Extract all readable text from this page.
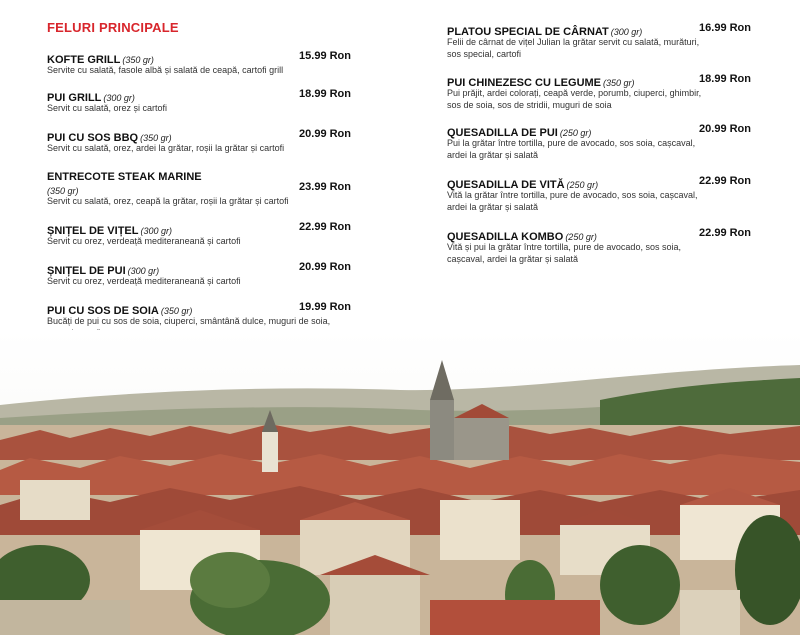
FELURI PRINCIPALE
KOFTE GRILL (350 gr)	15.99 Ron
Servite cu salată, fasole albă și salată de ceapă, cartofi grill
PUI GRILL (300 gr)	18.99 Ron
Servit cu salată, orez și cartofi
PUI CU SOS BBQ (350 gr)	20.99 Ron
Servit cu salată, orez, ardei la grătar, roșii la grătar și cartofi
ENTRECOTE STEAK MARINE
(350 gr)	23.99 Ron
Servit cu salată, orez, ceapă la grătar, roșii la grătar și cartofi
ȘNIȚEL DE VIȚEL (300 gr)	22.99 Ron
Servit cu orez, verdeață mediteraneană și cartofi
ȘNIȚEL DE PUI (300 gr)	20.99 Ron
Servit cu orez, verdeață mediteraneană și cartofi
PUI CU SOS DE SOIA (350 gr)	19.99 Ron
Bucăți de pui cu sos de soia, ciuperci, smântână dulce, muguri de soia,
PLATOU SPECIAL DE CÂRNAT (300 gr)	16.99 Ron
Felii de cârnat de vițel Julian la grătar servit cu salată, murături, sos special, cartofi
PUI CHINEZESC CU LEGUME (350 gr)	18.99 Ron
Pui prăjit, ardei colorați, ceapă verde, porumb, ciuperci, ghimbir, sos de soia, sos de stridii, muguri de soia
QUESADILLA DE PUI (250 gr)	20.99 Ron
Pui la grătar între tortilla, pure de avocado, sos soia, cașcaval, ardei la grătar și salată
QUESADILLA DE VITĂ (250 gr)	22.99 Ron
Vită la grătar între tortilla, pure de avocado, sos soia, cașcaval, ardei la grătar și salată
QUESADILLA KOMBO (250 gr)	22.99 Ron
Vită și pui la grătar între tortilla, pure de avocado, sos soia, cașcaval, ardei la grătar și salată
